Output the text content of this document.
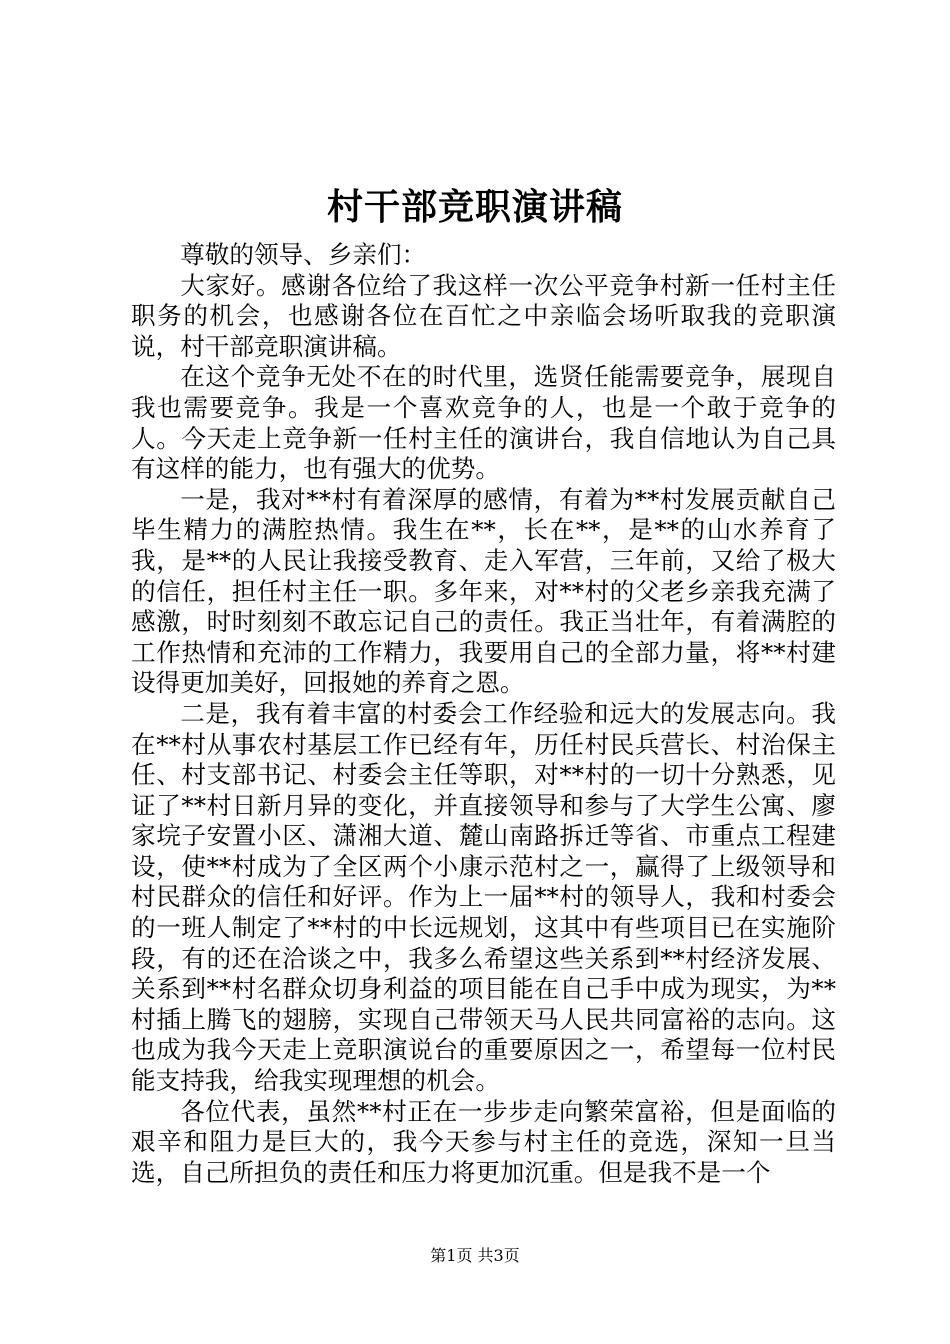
村干部竞职演讲稿

尊敬的领导、乡亲们：

大家好。感谢各位给了我这样一次公平竞争村新一任村主任职务的机会，也感谢各位在百忙之中亲临会场听取我的竞职演说，村干部竞职演讲稿。

在这个竞争无处不在的时代里，选贤任能需要竞争，展现自我也需要竞争。我是一个喜欢竞争的人，也是一个敢于竞争的人。今天走上竞争新一任村主任的演讲台，我自信地认为自己具有这样的能力，也有强大的优势。

一是，我对**村有着深厚的感情，有着为**村发展贡献自己毕生精力的满腔热情。我生在**，长在**，是**的山水养育了我，是**的人民让我接受教育、走入军营，三年前，又给了极大的信任，担任村主任一职。多年来，对**村的父老乡亲我充满了感激，时时刻刻不敢忘记自己的责任。我正当壮年，有着满腔的工作热情和充沛的工作精力，我要用自己的全部力量，将**村建设得更加美好，回报她的养育之恩。

二是，我有着丰富的村委会工作经验和远大的发展志向。我在**村从事农村基层工作已经有年，历任村民兵营长、村治保主任、村支部书记、村委会主任等职，对**村的一切十分熟悉，见证了**村日新月异的变化，并直接领导和参与了大学生公寓、廖家垸子安置小区、潇湘大道、麓山南路拆迁等省、市重点工程建设，使**村成为了全区两个小康示范村之一，赢得了上级领导和村民群众的信任和好评。作为上一届**村的领导人，我和村委会的一班人制定了**村的中长远规划，这其中有些项目已在实施阶段，有的还在洽谈之中，我多么希望这些关系到**村经济发展、关系到**村名群众切身利益的项目能在自己手中成为现实，为**村插上腾飞的翅膀，实现自己带领天马人民共同富裕的志向。这也成为我今天走上竞职演说台的重要原因之一，希望每一位村民能支持我，给我实现理想的机会。

各位代表，虽然**村正在一步步走向繁荣富裕，但是面临的艰辛和阻力是巨大的，我今天参与村主任的竞选，深知一旦当选，自己所担负的责任和压力将更加沉重。但是我不是一个

第1页 共3页
